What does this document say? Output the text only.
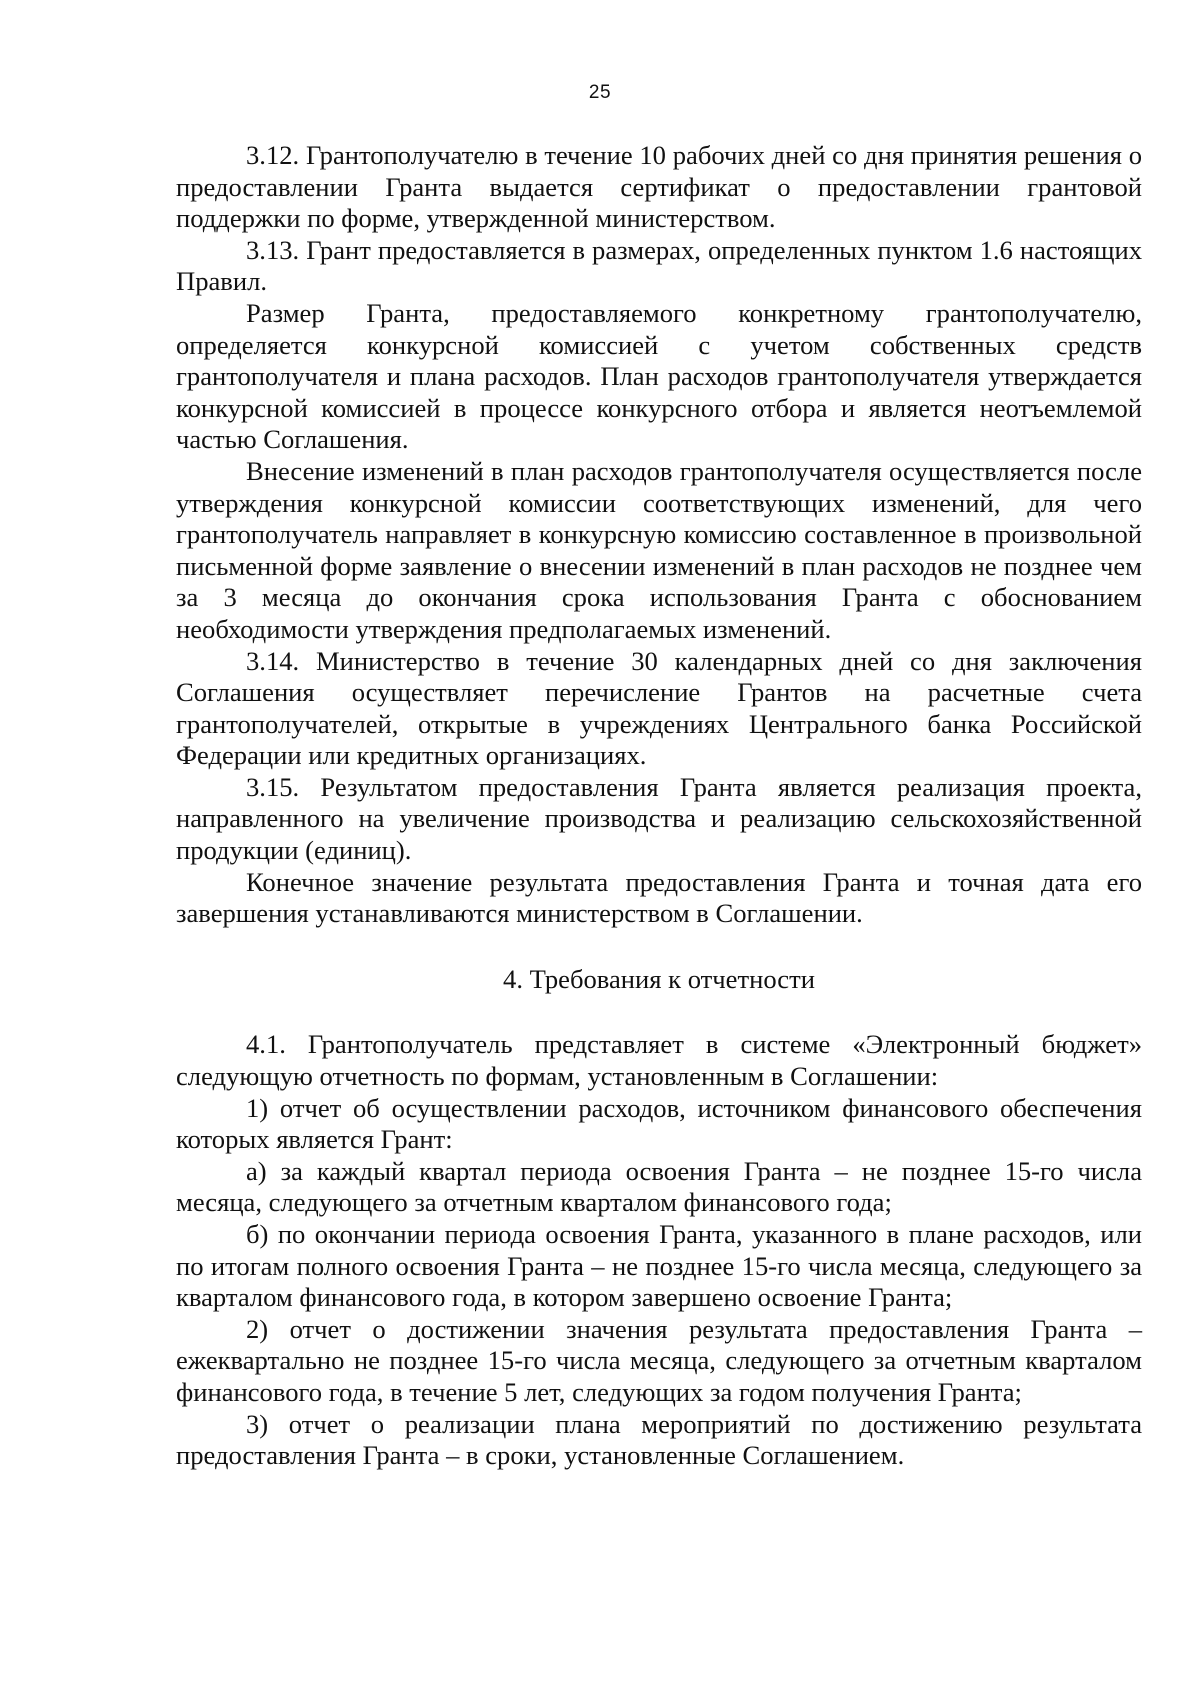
25

3.12. Грантополучателю в течение 10 рабочих дней со дня принятия решения о предоставлении Гранта выдается сертификат о предоставлении грантовой поддержки по форме, утвержденной министерством.

3.13. Грант предоставляется в размерах, определенных пунктом 1.6 настоящих Правил.

Размер Гранта, предоставляемого конкретному грантополучателю, определяется конкурсной комиссией с учетом собственных средств грантополучателя и плана расходов. План расходов грантополучателя утверждается конкурсной комиссией в процессе конкурсного отбора и является неотъемлемой частью Соглашения.

Внесение изменений в план расходов грантополучателя осуществляется после утверждения конкурсной комиссии соответствующих изменений, для чего грантополучатель направляет в конкурсную комиссию составленное в произвольной письменной форме заявление о внесении изменений в план расходов не позднее чем за 3 месяца до окончания срока использования Гранта с обоснованием необходимости утверждения предполагаемых изменений.

3.14. Министерство в течение 30 календарных дней со дня заключения Соглашения осуществляет перечисление Грантов на расчетные счета грантополучателей, открытые в учреждениях Центрального банка Российской Федерации или кредитных организациях.

3.15. Результатом предоставления Гранта является реализация проекта, направленного на увеличение производства и реализацию сельскохозяйственной продукции (единиц).

Конечное значение результата предоставления Гранта и точная дата его завершения устанавливаются министерством в Соглашении.

4. Требования к отчетности

4.1. Грантополучатель представляет в системе «Электронный бюджет» следующую отчетность по формам, установленным в Соглашении:

1) отчет об осуществлении расходов, источником финансового обеспечения которых является Грант:

а) за каждый квартал периода освоения Гранта – не позднее 15-го числа месяца, следующего за отчетным кварталом финансового года;

б) по окончании периода освоения Гранта, указанного в плане расходов, или по итогам полного освоения Гранта – не позднее 15-го числа месяца, следующего за кварталом финансового года, в котором завершено освоение Гранта;

2) отчет о достижении значения результата предоставления Гранта – ежеквартально не позднее 15-го числа месяца, следующего за отчетным кварталом финансового года, в течение 5 лет, следующих за годом получения Гранта;

3) отчет о реализации плана мероприятий по достижению результата предоставления Гранта – в сроки, установленные Соглашением.
